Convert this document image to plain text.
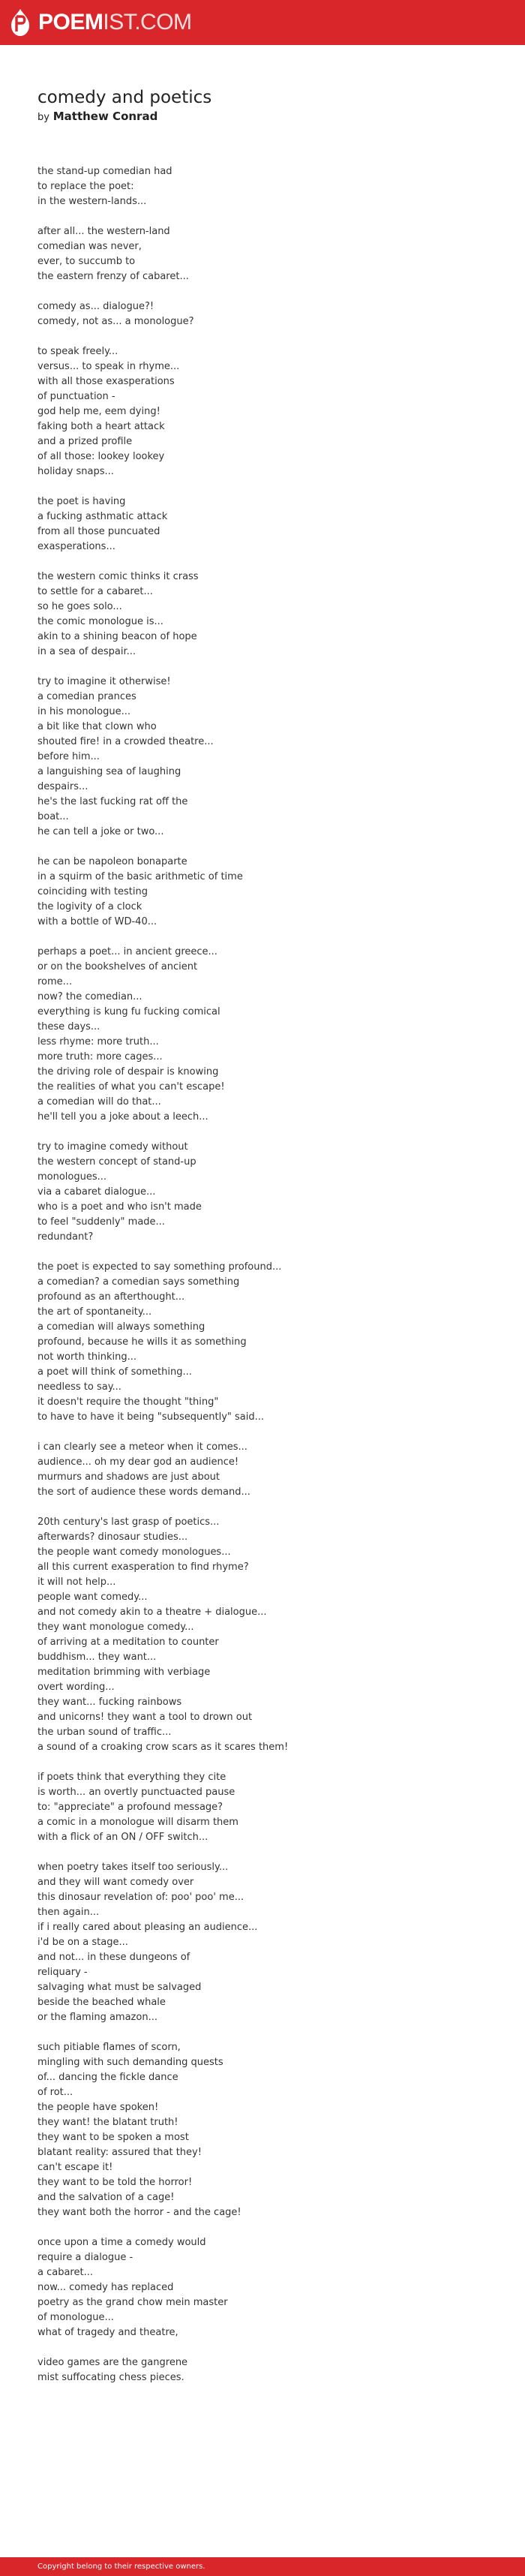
POEMIST.COM
comedy and poetics
by Matthew Conrad
the stand-up comedian had
to replace the poet:
in the western-lands...

after all... the western-land
comedian was never,
ever, to succumb to
the eastern frenzy of cabaret...

comedy as... dialogue?!
comedy, not as... a monologue?

to speak freely...
versus... to speak in rhyme...
with all those exasperations
of punctuation -
god help me, eem dying!
faking both a heart attack
and a prized profile
of all those: lookey lookey
holiday snaps...

the poet is having
a fucking asthmatic attack
from all those puncuated
exasperations...

the western comic thinks it crass
to settle for a cabaret...
so he goes solo...
the comic monologue is...
akin to a shining beacon of hope
in a sea of despair...

try to imagine it otherwise!
a comedian prances
in his monologue...
a bit like that clown who
shouted fire! in a crowded theatre...
before him...
a languishing sea of laughing
despairs...
he's the last fucking rat off the
boat...
he can tell a joke or two...

he can be napoleon bonaparte
in a squirm of the basic arithmetic of time
coinciding with testing
the logivity of a clock
with a bottle of WD-40...

perhaps a poet... in ancient greece...
or on the bookshelves of ancient
rome...
now? the comedian...
everything is kung fu fucking comical
these days...
less rhyme: more truth...
more truth: more cages...
the driving role of despair is knowing
the realities of what you can't escape!
a comedian will do that...
he'll tell you a joke about a leech...

try to imagine comedy without
the western concept of stand-up
monologues...
via a cabaret dialogue...
who is a poet and who isn't made
to feel "suddenly" made...
redundant?

the poet is expected to say something profound...
a comedian? a comedian says something
profound as an afterthought...
the art of spontaneity...
a comedian will always something
profound, because he wills it as something
not worth thinking...
a poet will think of something...
needless to say...
it doesn't require the thought "thing"
to have to have it being "subsequently" said...

i can clearly see a meteor when it comes...
audience... oh my dear god an audience!
murmurs and shadows are just about
the sort of audience these words demand...

20th century's last grasp of poetics...
afterwards? dinosaur studies...
the people want comedy monologues...
all this current exasperation to find rhyme?
it will not help...
people want comedy...
and not comedy akin to a theatre + dialogue...
they want monologue comedy...
of arriving at a meditation to counter
buddhism... they want...
meditation brimming with verbiage
overt wording...
they want... fucking rainbows
and unicorns! they want a tool to drown out
the urban sound of traffic...
a sound of a croaking crow scars as it scares them!

if poets think that everything they cite
is worth... an overtly punctuacted pause
to: "appreciate" a profound message?
a comic in a monologue will disarm them
with a flick of an ON / OFF switch...

when poetry takes itself too seriously...
and they will want comedy over
this dinosaur revelation of: poo' poo' me...
then again...
if i really cared about pleasing an audience...
i'd be on a stage...
and not... in these dungeons of
reliquary -
salvaging what must be salvaged
beside the beached whale
or the flaming amazon...

such pitiable flames of scorn,
mingling with such demanding quests
of... dancing the fickle dance
of rot...
the people have spoken!
they want! the blatant truth!
they want to be spoken a most
blatant reality: assured that they!
can't escape it!
they want to be told the horror!
and the salvation of a cage!
they want both the horror - and the cage!

once upon a time a comedy would
require a dialogue -
a cabaret...
now... comedy has replaced
poetry as the grand chow mein master
of monologue...
what of tragedy and theatre,

video games are the gangrene
mist suffocating chess pieces.
Copyright belong to their respective owners.
